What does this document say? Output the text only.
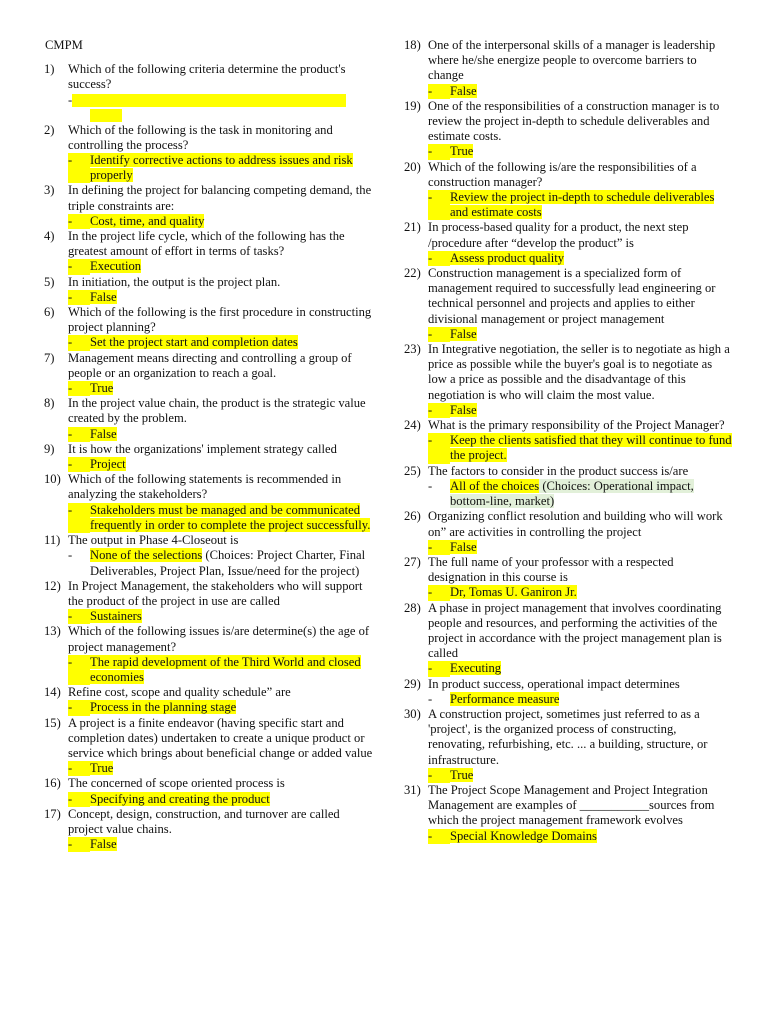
CMPM
1)	Which of the following criteria determine the product's success?
-
2)	Which of the following is the task in monitoring and controlling the process?
-	Identify corrective actions to address issues and risk properly
3)	In defining the project for balancing competing demand, the triple constraints are:
-	Cost, time, and quality
4)	In the project life cycle, which of the following has the greatest amount of effort in terms of tasks?
-	Execution
5)	In initiation, the output is the project plan.
-	False
6)	Which of the following is the first procedure in constructing project planning?
-	Set the project start and completion dates
7)	Management means directing and controlling a group of people or an organization to reach a goal.
-	True
8)	In the project value chain, the product is the strategic value created by the problem.
-	False
9)	It is how the organizations' implement strategy called
-	Project
10) Which of the following statements is recommended in analyzing the stakeholders?
-	Stakeholders must be managed and be communicated frequently in order to complete the project successfully.
11) The output in Phase 4-Closeout is
-	None of the selections (Choices: Project Charter, Final Deliverables, Project Plan, Issue/need for the project)
12) In Project Management, the stakeholders who will support the product of the project in use are called
-	Sustainers
13) Which of the following issues is/are determine(s) the age of project management?
-	The rapid development of the Third World and closed economies
14) Refine cost, scope and quality schedule” are
-	Process in the planning stage
15) A project is a finite endeavor (having specific start and completion dates) undertaken to create a unique product or service which brings about beneficial change or added value
-	True
16) The concerned of scope oriented process is
-	Specifying and creating the product
17) Concept, design, construction, and turnover are called project value chains.
-	False
18) One of the interpersonal skills of a manager is leadership where he/she energize people to overcome barriers to change
-	False
19) One of the responsibilities of a construction manager is to review the project in-depth to schedule deliverables and estimate costs.
-	True
20) Which of the following is/are the responsibilities of a construction manager?
-	Review the project in-depth to schedule deliverables and estimate costs
21) In process-based quality for a product, the next step /procedure after “develop the product” is
-	Assess product quality
22) Construction management is a specialized form of management required to successfully lead engineering or technical personnel and projects and applies to either divisional management or project management
-	False
23) In Integrative negotiation, the seller is to negotiate as high a price as possible while the buyer's goal is to negotiate as low a price as possible and the disadvantage of this negotiation is who will claim the most value.
-	False
24) What is the primary responsibility of the Project Manager?
-	Keep the clients satisfied that they will continue to fund the project.
25) The factors to consider in the product success is/are
-	All of the choices (Choices: Operational impact, bottom-line, market)
26) Organizing conflict resolution and building who will work on” are activities in controlling the project
-	False
27) The full name of your professor with a respected designation in this course is
-	Dr, Tomas U. Ganiron Jr.
28) A phase in project management that involves coordinating people and resources, and performing the activities of the project in accordance with the project management plan is called
-	Executing
29) In product success, operational impact determines
-	Performance measure
30) A construction project, sometimes just referred to as a 'project', is the organized process of constructing, renovating, refurbishing, etc. ... a building, structure, or infrastructure.
-	True
31) The Project Scope Management and Project Integration Management are examples of ___________sources from which the project management framework evolves
-	Special Knowledge Domains
